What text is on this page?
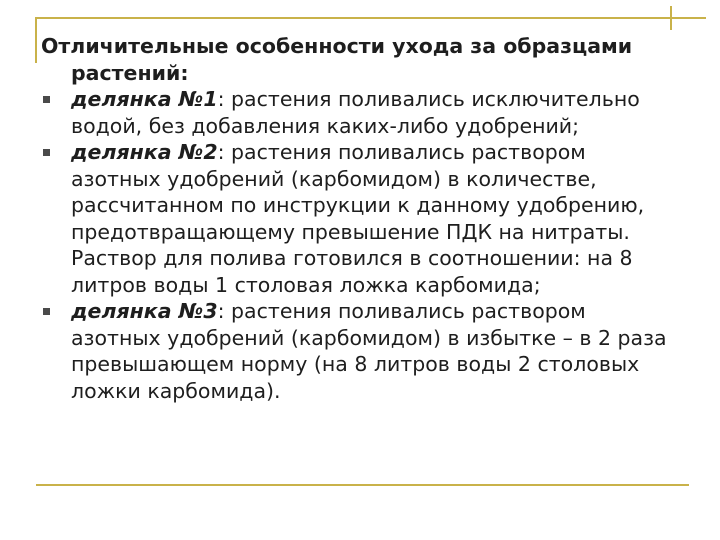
Отличительные особенности ухода за образцами растений:

делянка №1: растения поливались исключительно водой, без добавления каких-либо удобрений;
делянка №2: растения поливались раствором азотных удобрений (карбомидом) в количестве, рассчитанном по инструкции к данному удобрению, предотвращающему превышение ПДК на нитраты. Раствор для полива готовился в соотношении: на 8 литров воды 1 столовая ложка карбомида;
делянка №3: растения поливались раствором азотных удобрений (карбомидом) в избытке – в 2 раза превышающем норму (на 8 литров воды 2 столовых ложки карбомида).
